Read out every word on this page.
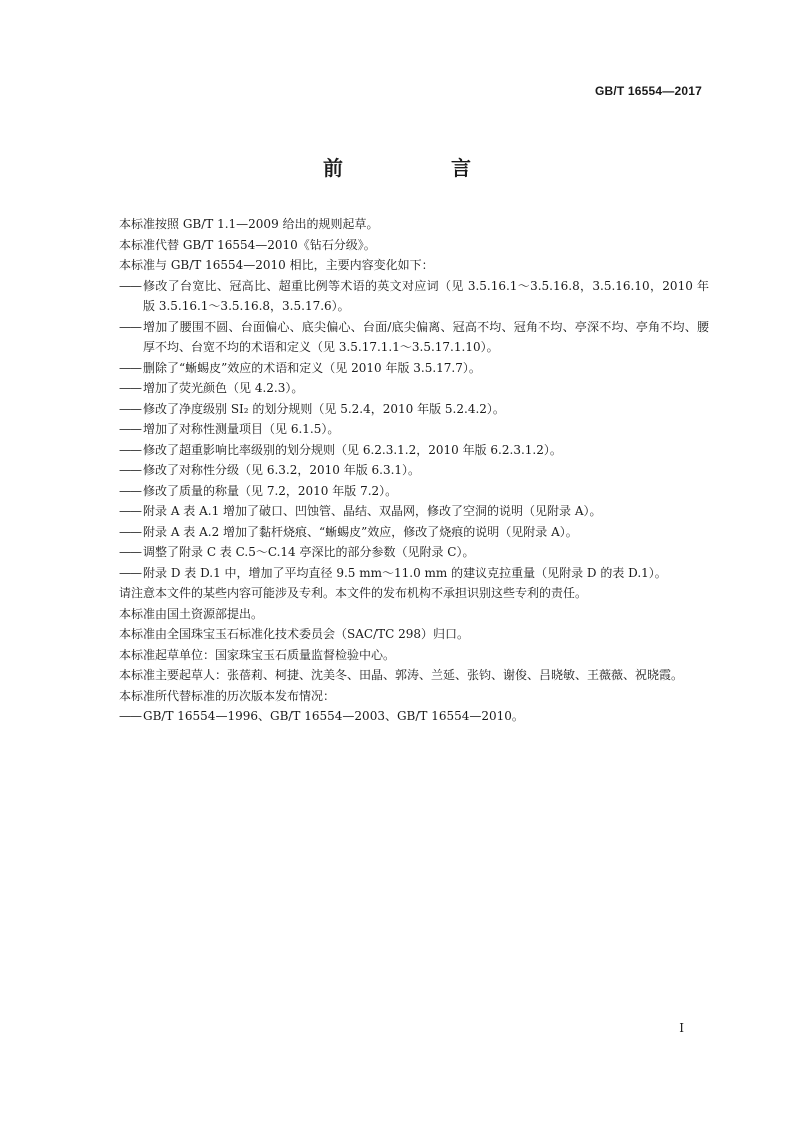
GB/T 16554—2017
前　言

本标准按照 GB/T 1.1—2009 给出的规则起草。

本标准代替 GB/T 16554—2010《钻石分级》。

本标准与 GB/T 16554—2010 相比，主要内容变化如下：

—— 修改了台宽比、冠高比、超重比例等术语的英文对应词（见 3.5.16.1～3.5.16.8，3.5.16.10，2010 年版 3.5.16.1～3.5.16.8，3.5.17.6）。
—— 增加了腰围不圆、台面偏心、底尖偏心、台面/底尖偏离、冠高不均、冠角不均、亭深不均、亭角不均、腰厚不均、台宽不均的术语和定义（见 3.5.17.1.1～3.5.17.1.10）。
—— 删除了“蜥蜴皮”效应的术语和定义（见 2010 年版 3.5.17.7）。
—— 增加了荧光颜色（见 4.2.3）。
—— 修改了净度级别 SI₂ 的划分规则（见 5.2.4，2010 年版 5.2.4.2）。
—— 增加了对称性测量项目（见 6.1.5）。
—— 修改了超重影响比率级别的划分规则（见 6.2.3.1.2，2010 年版 6.2.3.1.2）。
—— 修改了对称性分级（见 6.3.2，2010 年版 6.3.1）。
—— 修改了质量的称量（见 7.2，2010 年版 7.2）。
—— 附录 A 表 A.1 增加了破口、凹蚀管、晶结、双晶网，修改了空洞的说明（见附录 A）。
—— 附录 A 表 A.2 增加了黏杆烧痕、“蜥蜴皮”效应，修改了烧痕的说明（见附录 A）。
—— 调整了附录 C 表 C.5～C.14 亭深比的部分参数（见附录 C）。
—— 附录 D 表 D.1 中，增加了平均直径 9.5 mm～11.0 mm 的建议克拉重量（见附录 D 的表 D.1）。

请注意本文件的某些内容可能涉及专利。本文件的发布机构不承担识别这些专利的责任。

本标准由国土资源部提出。

本标准由全国珠宝玉石标准化技术委员会（SAC/TC 298）归口。

本标准起草单位：国家珠宝玉石质量监督检验中心。

本标准主要起草人：张蓓莉、柯捷、沈美冬、田晶、郭涛、兰延、张钧、谢俊、吕晓敏、王薇薇、祝晓霞。

本标准所代替标准的历次版本发布情况：

—— GB/T 16554—1996、GB/T 16554—2003、GB/T 16554—2010。
I
